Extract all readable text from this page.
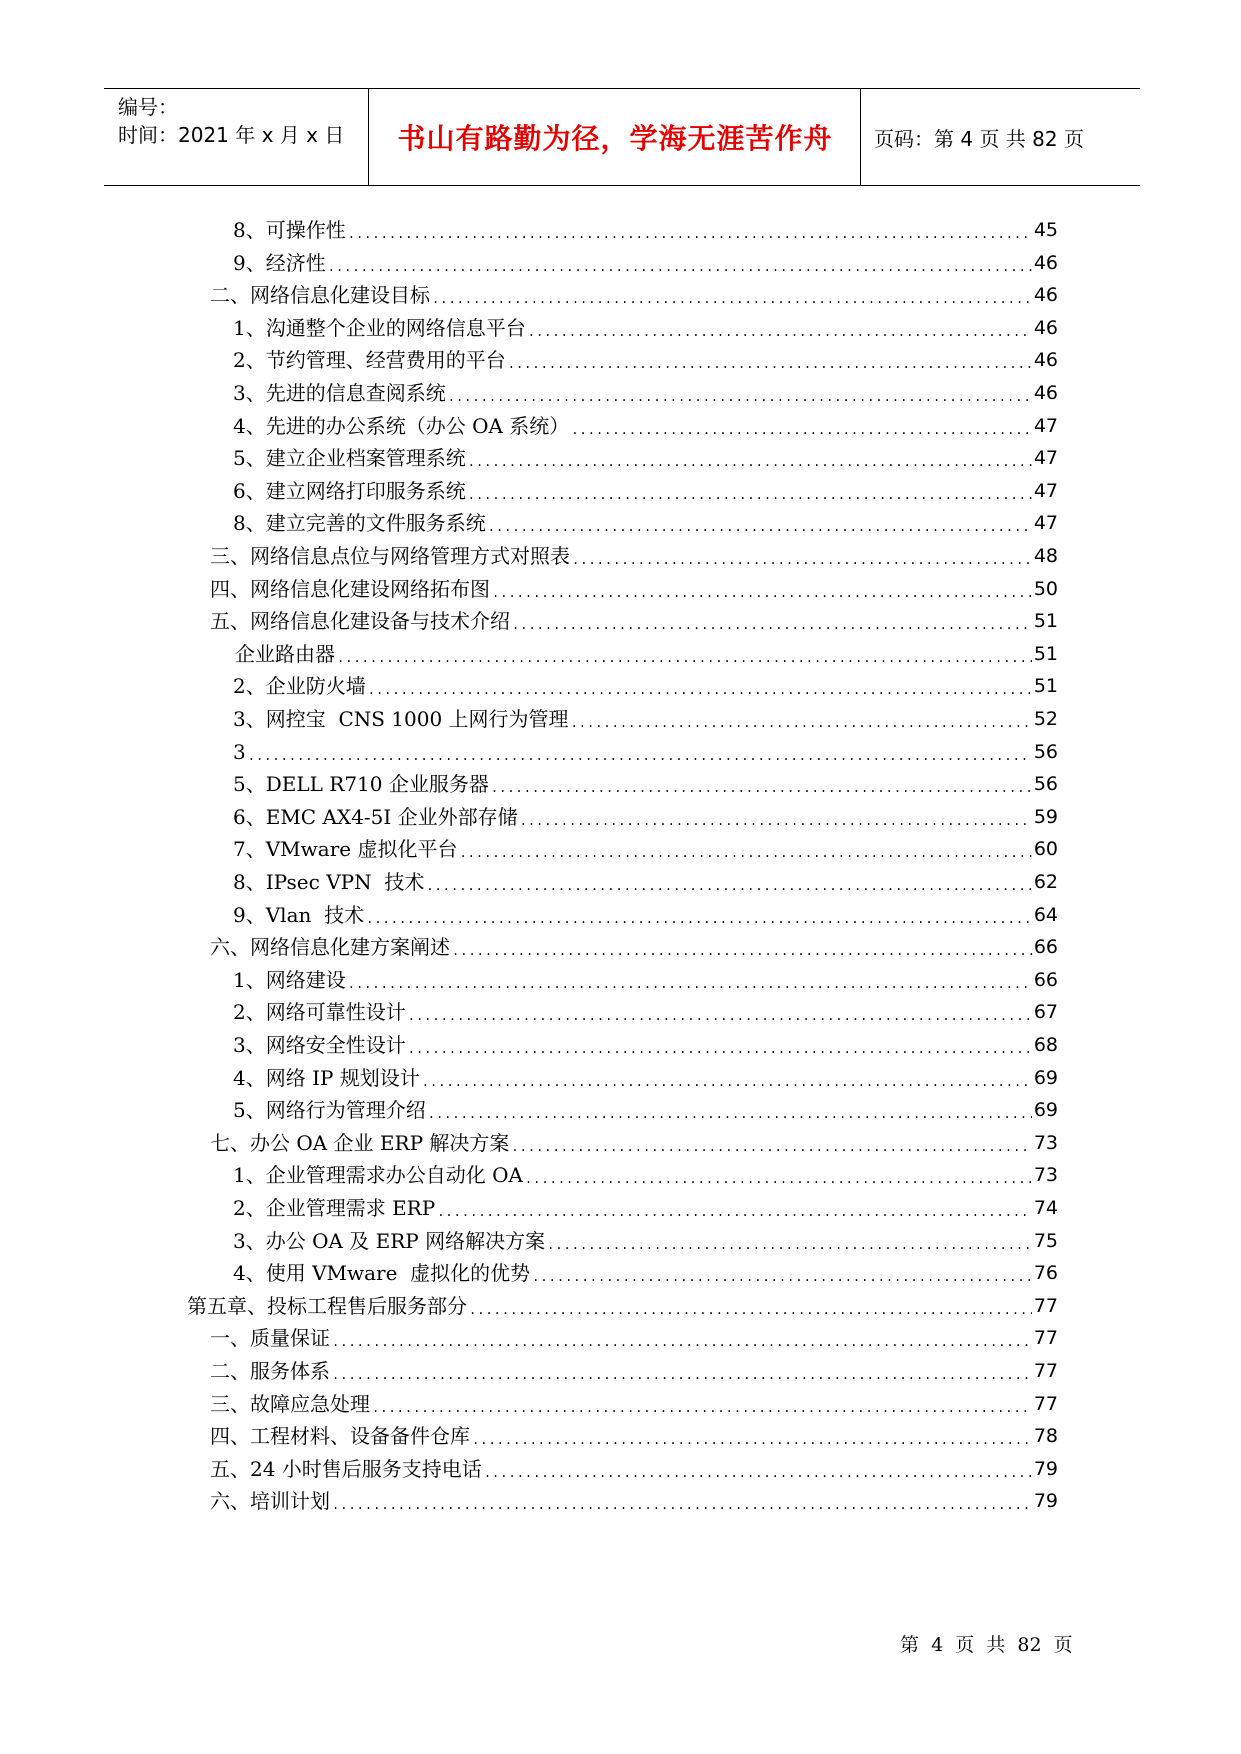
编号：
时间：2021 年 x 月 x 日	书山有路勤为径，学海无涯苦作舟	页码：第 4 页 共 82 页
8、可操作性 .....	45
9、经济性 .....	46
二、网络信息化建设目标 .....	46
1、沟通整个企业的网络信息平台 .....	46
2、节约管理、经营费用的平台 .....	46
3、先进的信息查阅系统 .....	46
4、先进的办公系统（办公 OA 系统） .....	47
5、建立企业档案管理系统 .....	47
6、建立网络打印服务系统 .....	47
8、建立完善的文件服务系统 .....	47
三、网络信息点位与网络管理方式对照表 .....	48
四、网络信息化建设网络拓布图 .....	50
五、网络信息化建设备与技术介绍 .....	51
企业路由器 .....	51
2、企业防火墙 .....	51
3、网控宝  CNS 1000 上网行为管理 .....	52
3 .....	56
5、DELL R710 企业服务器 .....	56
6、EMC AX4-5I 企业外部存储 .....	59
7、VMware 虚拟化平台 .....	60
8、IPsec VPN  技术 .....	62
9、Vlan  技术 .....	64
六、网络信息化建方案阐述 .....	66
1、网络建设 .....	66
2、网络可靠性设计 .....	67
3、网络安全性设计 .....	68
4、网络 IP 规划设计 .....	69
5、网络行为管理介绍 .....	69
七、办公 OA 企业 ERP 解决方案 .....	73
1、企业管理需求办公自动化 OA .....	73
2、企业管理需求 ERP .....	74
3、办公 OA 及 ERP 网络解决方案 .....	75
4、使用 VMware  虚拟化的优势 .....	76
第五章、投标工程售后服务部分 .....	77
一、质量保证 .....	77
二、服务体系 .....	77
三、故障应急处理 .....	77
四、工程材料、设备备件仓库 .....	78
五、24 小时售后服务支持电话 .....	79
六、培训计划 .....	79
第  4  页  共  82  页
